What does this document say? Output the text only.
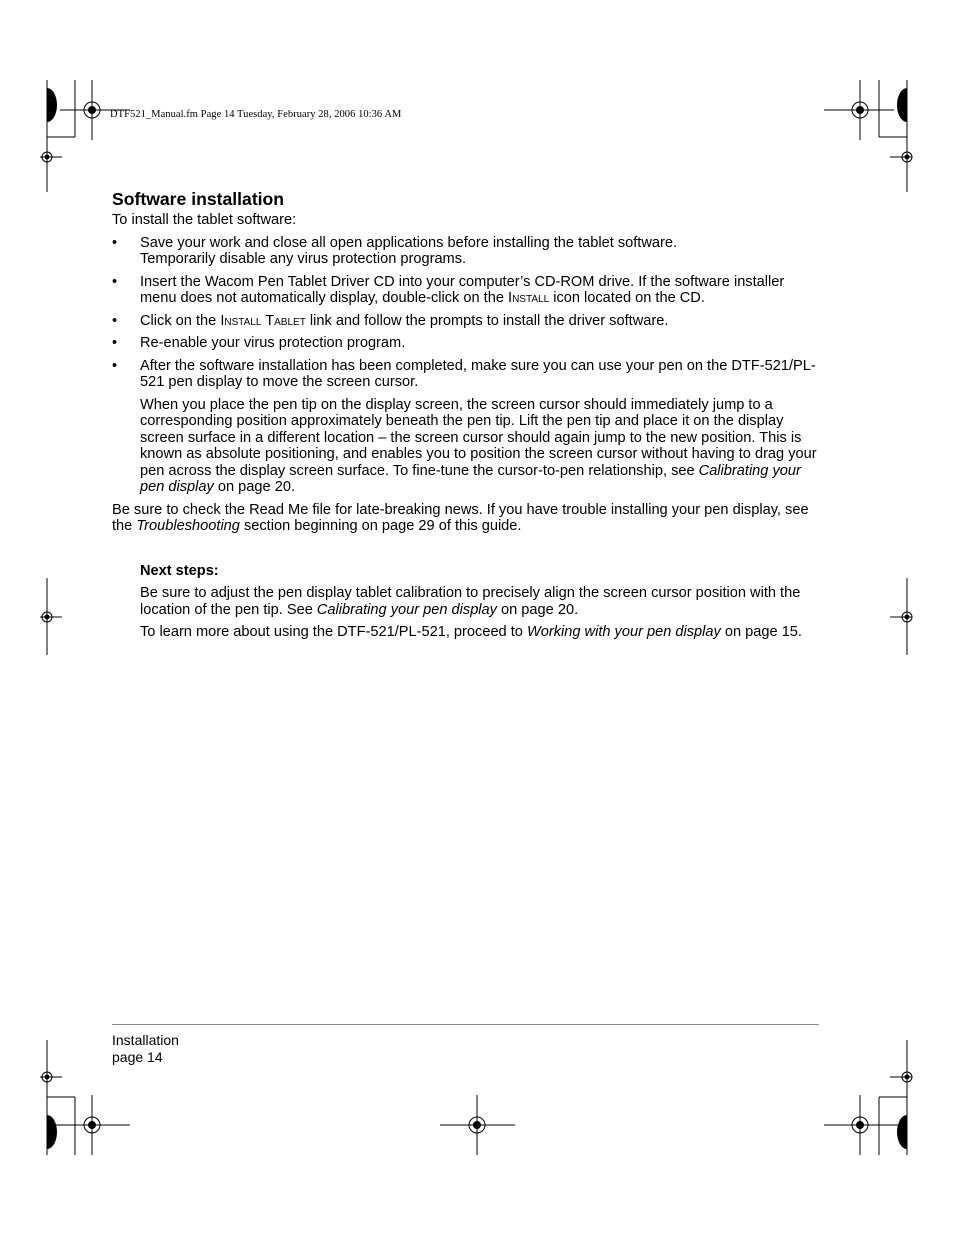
DTF521_Manual.fm Page 14 Tuesday, February 28, 2006 10:36 AM
Software installation
To install the tablet software:
• Save your work and close all open applications before installing the tablet software.
Temporarily disable any virus protection programs.
• Insert the Wacom Pen Tablet Driver CD into your computer’s CD-ROM drive. If the software installer menu does not automatically display, double-click on the Install icon located on the CD.
• Click on the Install Tablet link and follow the prompts to install the driver software.
• Re-enable your virus protection program.
• After the software installation has been completed, make sure you can use your pen on the DTF-521/PL-521 pen display to move the screen cursor.
When you place the pen tip on the display screen, the screen cursor should immediately jump to a corresponding position approximately beneath the pen tip. Lift the pen tip and place it on the display screen surface in a different location – the screen cursor should again jump to the new position. This is known as absolute positioning, and enables you to position the screen cursor without having to drag your pen across the display screen surface. To fine-tune the cursor-to-pen relationship, see Calibrating your pen display on page 20.
Be sure to check the Read Me file for late-breaking news. If you have trouble installing your pen display, see the Troubleshooting section beginning on page 29 of this guide.
Next steps:
Be sure to adjust the pen display tablet calibration to precisely align the screen cursor position with the location of the pen tip. See Calibrating your pen display on page 20.
To learn more about using the DTF-521/PL-521, proceed to Working with your pen display on page 15.
Installation
page 14
